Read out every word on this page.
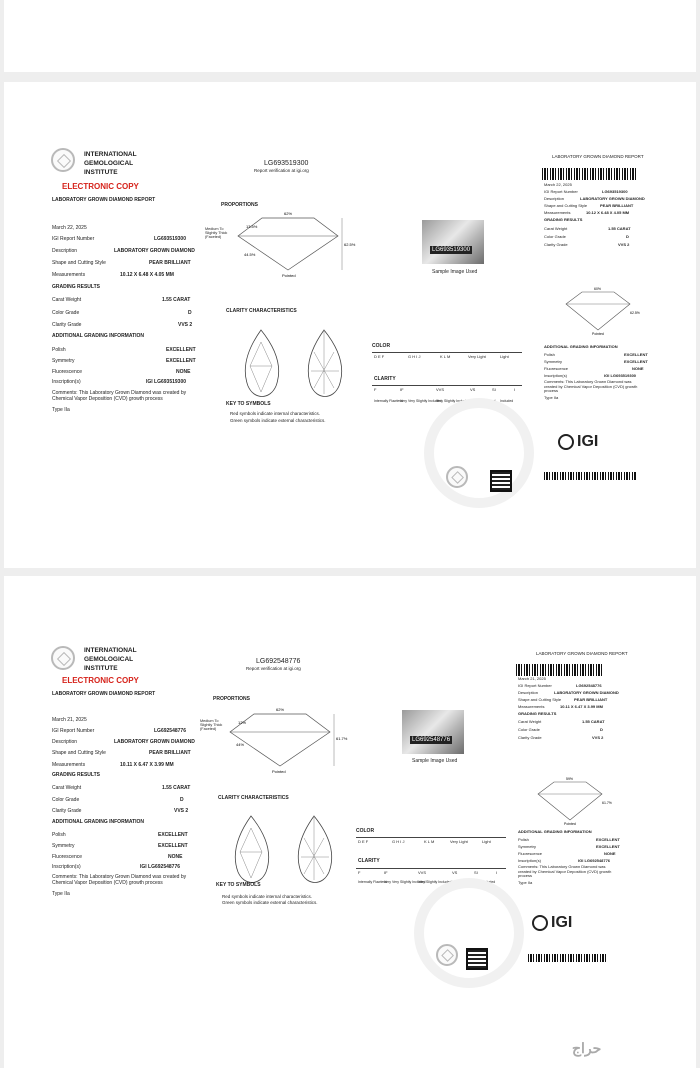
INTERNATIONAL
GEMOLOGICAL
INSTITUTE
ELECTRONIC COPY
LABORATORY GROWN DIAMOND REPORT
March 22, 2025
IGI Report Number	LG693519300
Description	LABORATORY GROWN DIAMOND
Shape and Cutting Style	PEAR BRILLIANT
Measurements	10.12 X 6.48 X 4.05 MM
GRADING RESULTS
Carat Weight	1.55 CARAT
Color Grade	D
Clarity Grade	VVS 2
ADDITIONAL GRADING INFORMATION
Polish	EXCELLENT
Symmetry	EXCELLENT
Fluorescence	NONE
Inscription(s)	IGI LG693519300
Comments: This Laboratory Grown Diamond was created by Chemical Vapor Deposition (CVD) growth process
Type IIa
LG693519300
Report verification at igi.org
PROPORTIONS
62%
62.5%
13.5%
44.5%
Pointed
Medium To Slightly Thick (Faceted)
LG693519300
Sample Image Used
CLARITY CHARACTERISTICS
KEY TO SYMBOLS
Red symbols indicate internal characteristics.
Green symbols indicate external characteristics.
COLOR
D E F	G H I J	K L M	Very Light	Light
CLARITY
F	IF	VVS	VS	SI	I
Internally Flawless
Very Very Slightly Included
Very Slightly Included Slightly Included Included
LABORATORY GROWN DIAMOND REPORT
March 22, 2025
IGI Report Number	LG693519300
Description	LABORATORY GROWN DIAMOND
Shape and Cutting Style	PEAR BRILLIANT
Measurements	10.12 X 6.48 X 4.05 MM
GRADING RESULTS
Carat Weight	1.55 CARAT
Color Grade	D
Clarity Grade	VVS 2
60%
62.5%
Pointed
ADDITIONAL GRADING INFORMATION
Polish	EXCELLENT
Symmetry	EXCELLENT
Fluorescence	NONE
Inscription(s)	IGI LG693519300
Comments: This Laboratory Grown Diamond was created by Chemical Vapor Deposition (CVD) growth process
Type IIa
IGI
INTERNATIONAL
GEMOLOGICAL
INSTITUTE
ELECTRONIC COPY
LABORATORY GROWN DIAMOND REPORT
March 21, 2025
IGI Report Number	LG692548776
Description	LABORATORY GROWN DIAMOND
Shape and Cutting Style	PEAR BRILLIANT
Measurements	10.11 X 6.47 X 3.99 MM
GRADING RESULTS
Carat Weight	1.55 CARAT
Color Grade	D
Clarity Grade	VVS 2
ADDITIONAL GRADING INFORMATION
Polish	EXCELLENT
Symmetry	EXCELLENT
Fluorescence	NONE
Inscription(s)	IGI LG692548776
Comments: This Laboratory Grown Diamond was created by Chemical Vapor Deposition (CVD) growth process
Type IIa
LG692548776
Report verification at igi.org
PROPORTIONS
62%
61.7%
12%
44%
Pointed
Medium To Slightly Thick (Faceted)
LG692548776
Sample Image Used
CLARITY CHARACTERISTICS
KEY TO SYMBOLS
Red symbols indicate internal characteristics.
Green symbols indicate external characteristics.
COLOR
D E F	G H I J	K L M	Very Light	Light
CLARITY
F	IF	VVS	VS	SI	I
Internally Flawless
Very Very Slightly Included
Very Slightly Included Slightly Included Included
LABORATORY GROWN DIAMOND REPORT
March 21, 2025
IGI Report Number	LG692548776
Description	LABORATORY GROWN DIAMOND
Shape and Cutting Style	PEAR BRILLIANT
Measurements	10.11 X 6.47 X 3.99 MM
GRADING RESULTS
Carat Weight	1.55 CARAT
Color Grade	D
Clarity Grade	VVS 2
59%
61.7%
Pointed
ADDITIONAL GRADING INFORMATION
Polish	EXCELLENT
Symmetry	EXCELLENT
Fluorescence	NONE
Inscription(s)	IGI LG692548776
Comments: This Laboratory Grown Diamond was created by Chemical Vapor Deposition (CVD) growth process
Type IIa
IGI
حراج
